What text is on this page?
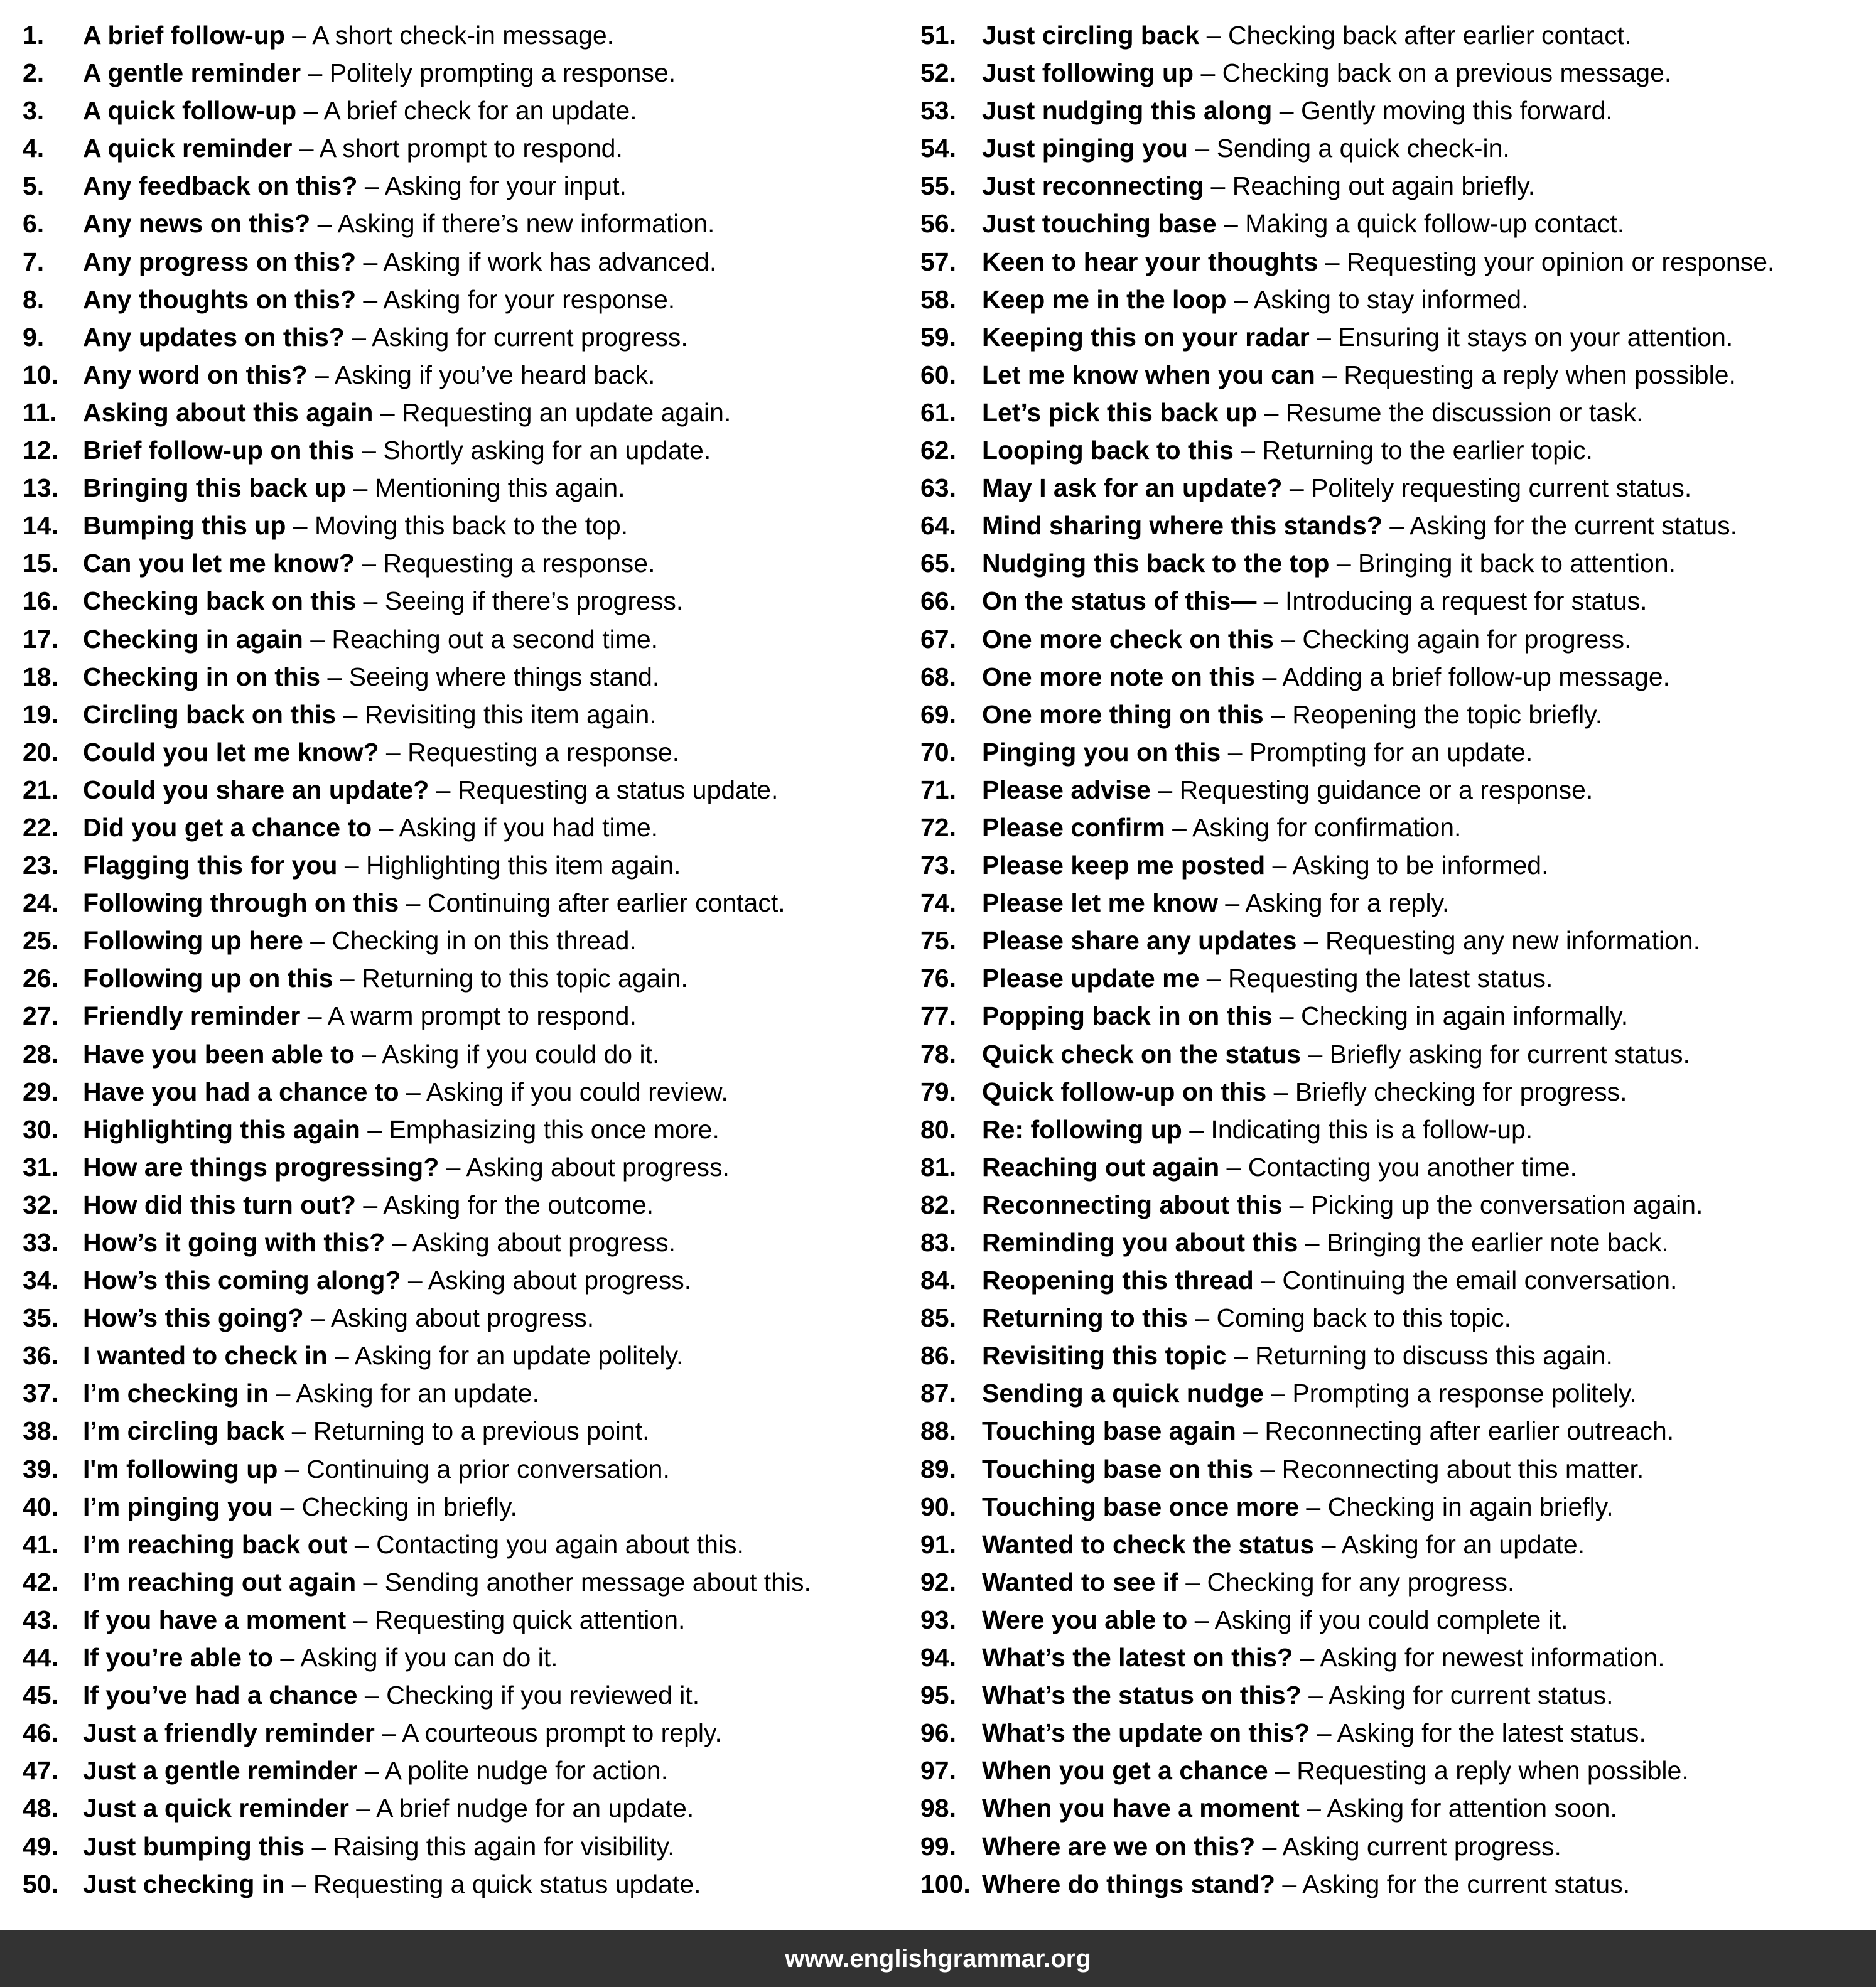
1. A brief follow-up – A short check-in message.
2. A gentle reminder – Politely prompting a response.
3. A quick follow-up – A brief check for an update.
4. A quick reminder – A short prompt to respond.
5. Any feedback on this? – Asking for your input.
6. Any news on this? – Asking if there’s new information.
7. Any progress on this? – Asking if work has advanced.
8. Any thoughts on this? – Asking for your response.
9. Any updates on this? – Asking for current progress.
10. Any word on this? – Asking if you’ve heard back.
11. Asking about this again – Requesting an update again.
12. Brief follow-up on this – Shortly asking for an update.
13. Bringing this back up – Mentioning this again.
14. Bumping this up – Moving this back to the top.
15. Can you let me know? – Requesting a response.
16. Checking back on this – Seeing if there’s progress.
17. Checking in again – Reaching out a second time.
18. Checking in on this – Seeing where things stand.
19. Circling back on this – Revisiting this item again.
20. Could you let me know? – Requesting a response.
21. Could you share an update? – Requesting a status update.
22. Did you get a chance to – Asking if you had time.
23. Flagging this for you – Highlighting this item again.
24. Following through on this – Continuing after earlier contact.
25. Following up here – Checking in on this thread.
26. Following up on this – Returning to this topic again.
27. Friendly reminder – A warm prompt to respond.
28. Have you been able to – Asking if you could do it.
29. Have you had a chance to – Asking if you could review.
30. Highlighting this again – Emphasizing this once more.
31. How are things progressing? – Asking about progress.
32. How did this turn out? – Asking for the outcome.
33. How’s it going with this? – Asking about progress.
34. How’s this coming along? – Asking about progress.
35. How’s this going? – Asking about progress.
36. I wanted to check in – Asking for an update politely.
37. I’m checking in – Asking for an update.
38. I’m circling back – Returning to a previous point.
39. I'm following up – Continuing a prior conversation.
40. I’m pinging you – Checking in briefly.
41. I’m reaching back out – Contacting you again about this.
42. I’m reaching out again – Sending another message about this.
43. If you have a moment – Requesting quick attention.
44. If you’re able to – Asking if you can do it.
45. If you’ve had a chance – Checking if you reviewed it.
46. Just a friendly reminder – A courteous prompt to reply.
47. Just a gentle reminder – A polite nudge for action.
48. Just a quick reminder – A brief nudge for an update.
49. Just bumping this – Raising this again for visibility.
50. Just checking in – Requesting a quick status update.
51. Just circling back – Checking back after earlier contact.
52. Just following up – Checking back on a previous message.
53. Just nudging this along – Gently moving this forward.
54. Just pinging you – Sending a quick check-in.
55. Just reconnecting – Reaching out again briefly.
56. Just touching base – Making a quick follow-up contact.
57. Keen to hear your thoughts – Requesting your opinion or response.
58. Keep me in the loop – Asking to stay informed.
59. Keeping this on your radar – Ensuring it stays on your attention.
60. Let me know when you can – Requesting a reply when possible.
61. Let’s pick this back up – Resume the discussion or task.
62. Looping back to this – Returning to the earlier topic.
63. May I ask for an update? – Politely requesting current status.
64. Mind sharing where this stands? – Asking for the current status.
65. Nudging this back to the top – Bringing it back to attention.
66. On the status of this— – Introducing a request for status.
67. One more check on this – Checking again for progress.
68. One more note on this – Adding a brief follow-up message.
69. One more thing on this – Reopening the topic briefly.
70. Pinging you on this – Prompting for an update.
71. Please advise – Requesting guidance or a response.
72. Please confirm – Asking for confirmation.
73. Please keep me posted – Asking to be informed.
74. Please let me know – Asking for a reply.
75. Please share any updates – Requesting any new information.
76. Please update me – Requesting the latest status.
77. Popping back in on this – Checking in again informally.
78. Quick check on the status – Briefly asking for current status.
79. Quick follow-up on this – Briefly checking for progress.
80. Re: following up – Indicating this is a follow-up.
81. Reaching out again – Contacting you another time.
82. Reconnecting about this – Picking up the conversation again.
83. Reminding you about this – Bringing the earlier note back.
84. Reopening this thread – Continuing the email conversation.
85. Returning to this – Coming back to this topic.
86. Revisiting this topic – Returning to discuss this again.
87. Sending a quick nudge – Prompting a response politely.
88. Touching base again – Reconnecting after earlier outreach.
89. Touching base on this – Reconnecting about this matter.
90. Touching base once more – Checking in again briefly.
91. Wanted to check the status – Asking for an update.
92. Wanted to see if – Checking for any progress.
93. Were you able to – Asking if you could complete it.
94. What’s the latest on this? – Asking for newest information.
95. What’s the status on this? – Asking for current status.
96. What’s the update on this? – Asking for the latest status.
97. When you get a chance – Requesting a reply when possible.
98. When you have a moment – Asking for attention soon.
99. Where are we on this? – Asking current progress.
100. Where do things stand? – Asking for the current status.
www.englishgrammar.org
